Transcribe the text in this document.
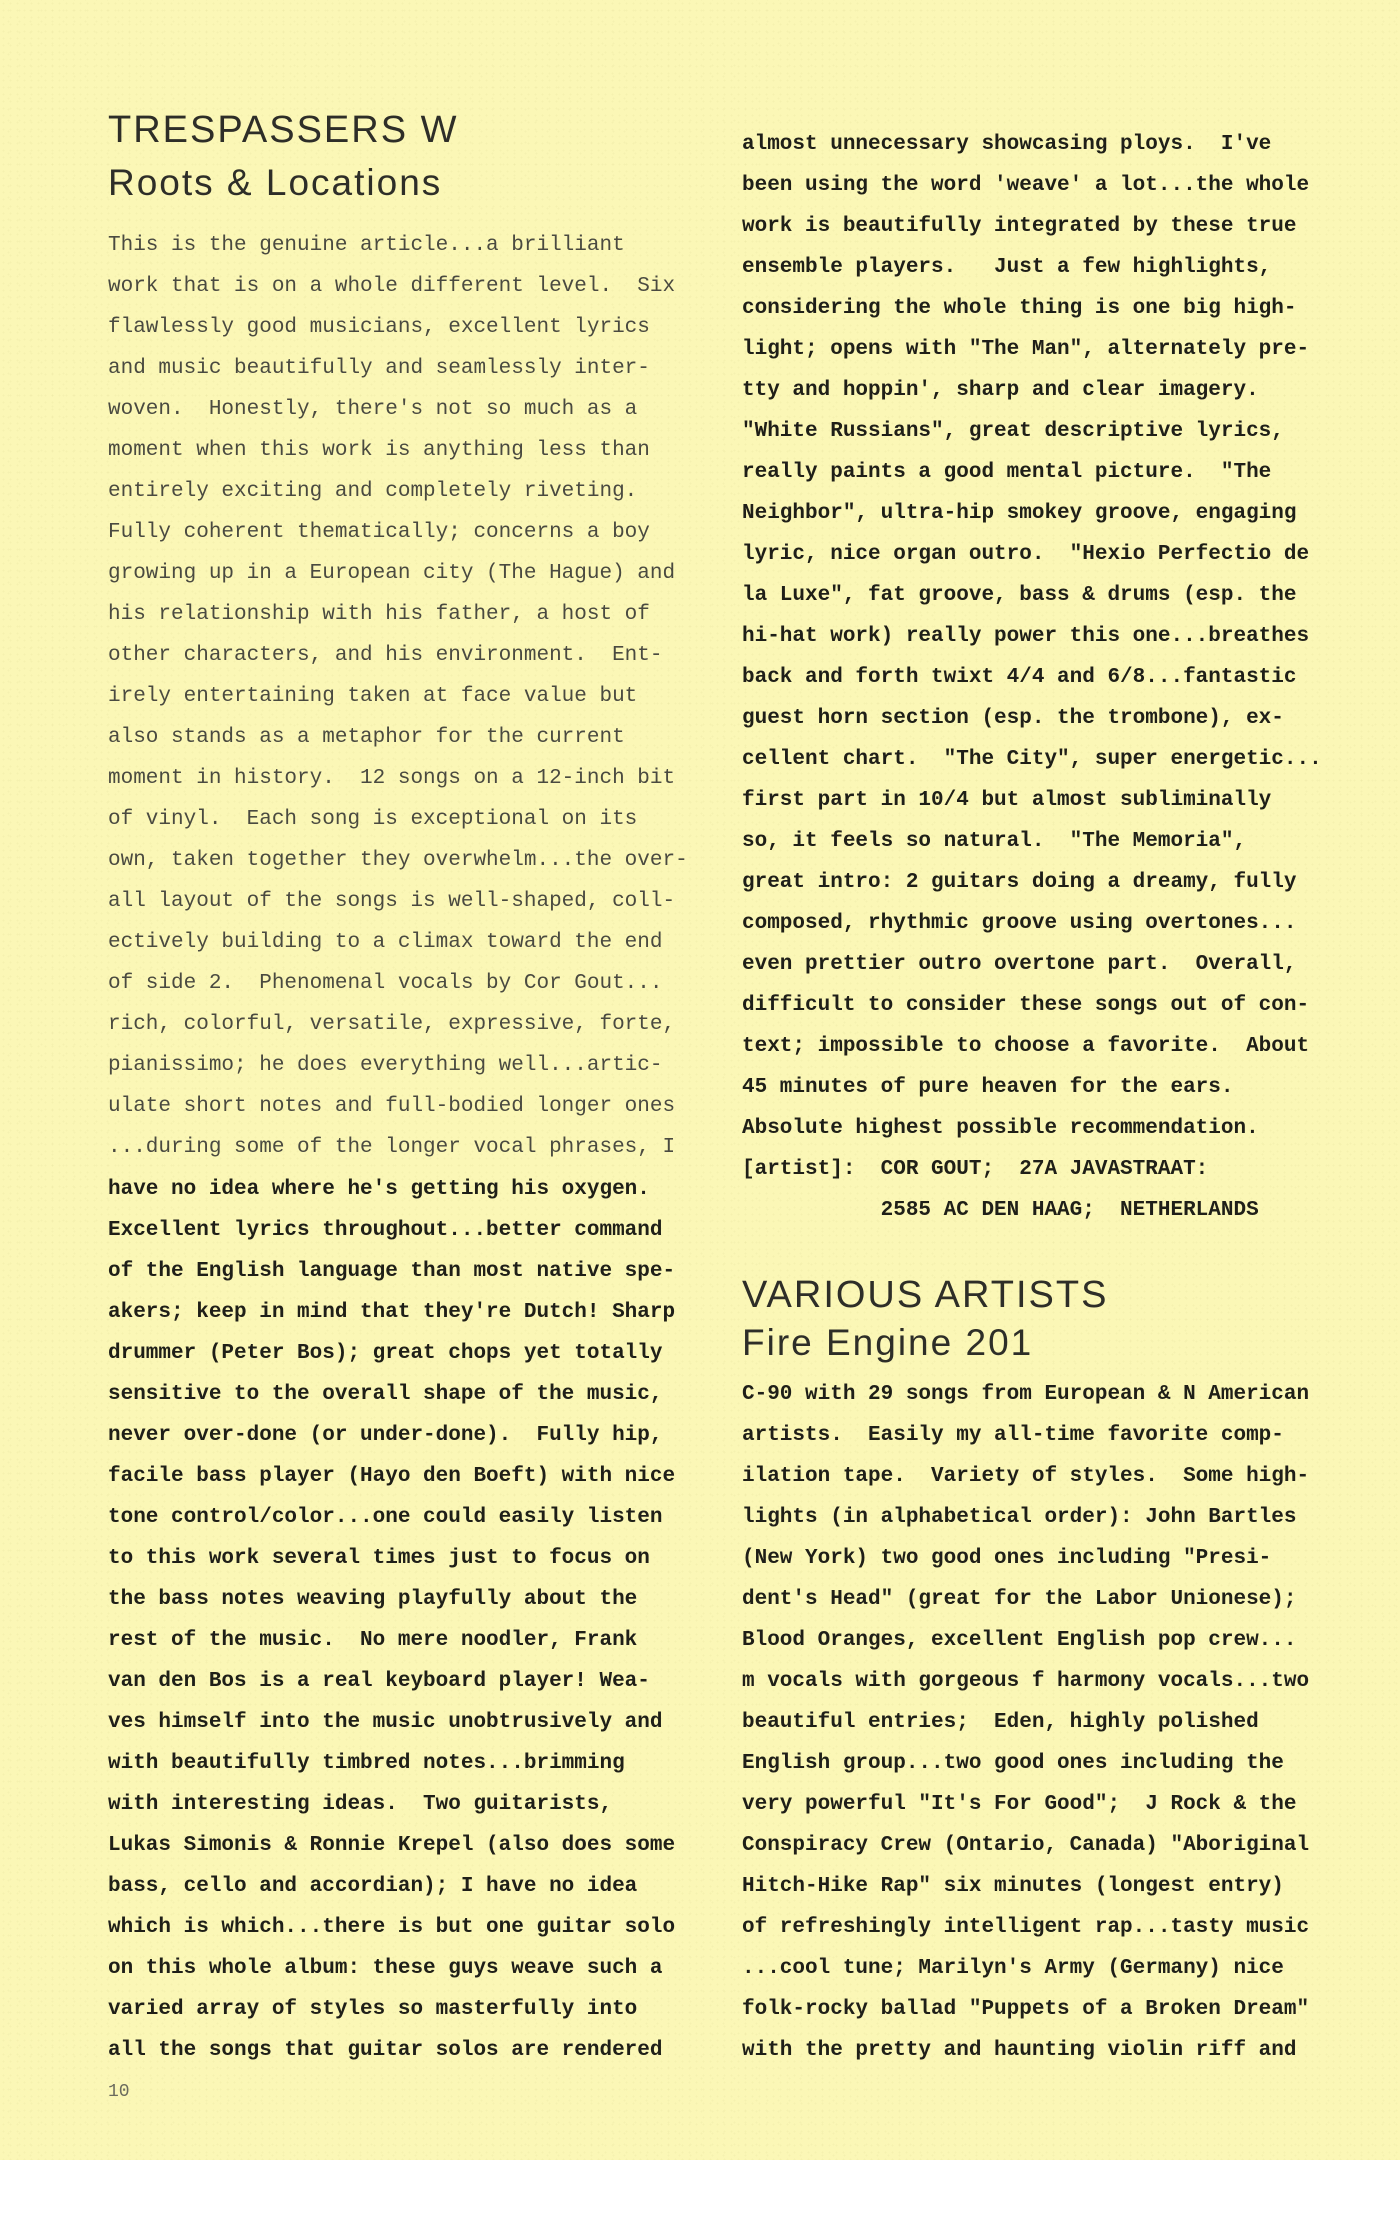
TRESPASSERS W
Roots & Locations
This is the genuine article...a brilliant
work that is on a whole different level.  Six
flawlessly good musicians, excellent lyrics
and music beautifully and seamlessly inter-
woven.  Honestly, there's not so much as a
moment when this work is anything less than
entirely exciting and completely riveting.
Fully coherent thematically; concerns a boy
growing up in a European city (The Hague) and
his relationship with his father, a host of
other characters, and his environment.  Ent-
irely entertaining taken at face value but
also stands as a metaphor for the current
moment in history.  12 songs on a 12-inch bit
of vinyl.  Each song is exceptional on its
own, taken together they overwhelm...the over-
all layout of the songs is well-shaped, coll-
ectively building to a climax toward the end
of side 2.  Phenomenal vocals by Cor Gout...
rich, colorful, versatile, expressive, forte,
pianissimo; he does everything well...artic-
ulate short notes and full-bodied longer ones
...during some of the longer vocal phrases, I
have no idea where he's getting his oxygen.
Excellent lyrics throughout...better command
of the English language than most native spe-
akers; keep in mind that they're Dutch! Sharp
drummer (Peter Bos); great chops yet totally
sensitive to the overall shape of the music,
never over-done (or under-done).  Fully hip,
facile bass player (Hayo den Boeft) with nice
tone control/color...one could easily listen
to this work several times just to focus on
the bass notes weaving playfully about the
rest of the music.  No mere noodler, Frank
van den Bos is a real keyboard player! Wea-
ves himself into the music unobtrusively and
with beautifully timbred notes...brimming
with interesting ideas.  Two guitarists,
Lukas Simonis & Ronnie Krepel (also does some
bass, cello and accordian); I have no idea
which is which...there is but one guitar solo
on this whole album: these guys weave such a
varied array of styles so masterfully into
all the songs that guitar solos are rendered
almost unnecessary showcasing ploys.  I've
been using the word 'weave' a lot...the whole
work is beautifully integrated by these true
ensemble players.   Just a few highlights,
considering the whole thing is one big high-
light; opens with "The Man", alternately pre-
tty and hoppin', sharp and clear imagery.
"White Russians", great descriptive lyrics,
really paints a good mental picture.  "The
Neighbor", ultra-hip smokey groove, engaging
lyric, nice organ outro.  "Hexio Perfectio de
la Luxe", fat groove, bass & drums (esp. the
hi-hat work) really power this one...breathes
back and forth twixt 4/4 and 6/8...fantastic
guest horn section (esp. the trombone), ex-
cellent chart.  "The City", super energetic...
first part in 10/4 but almost subliminally
so, it feels so natural.  "The Memoria",
great intro: 2 guitars doing a dreamy, fully
composed, rhythmic groove using overtones...
even prettier outro overtone part.  Overall,
difficult to consider these songs out of con-
text; impossible to choose a favorite.  About
45 minutes of pure heaven for the ears.
Absolute highest possible recommendation.
[artist]:  COR GOUT;  27A JAVASTRAAT:
2585 AC DEN HAAG;  NETHERLANDS
VARIOUS ARTISTS
Fire Engine 201
C-90 with 29 songs from European & N American
artists.  Easily my all-time favorite comp-
ilation tape.  Variety of styles.  Some high-
lights (in alphabetical order): John Bartles
(New York) two good ones including "Presi-
dent's Head" (great for the Labor Unionese);
Blood Oranges, excellent English pop crew...
m vocals with gorgeous f harmony vocals...two
beautiful entries;  Eden, highly polished
English group...two good ones including the
very powerful "It's For Good";  J Rock & the
Conspiracy Crew (Ontario, Canada) "Aboriginal
Hitch-Hike Rap" six minutes (longest entry)
of refreshingly intelligent rap...tasty music
...cool tune; Marilyn's Army (Germany) nice
folk-rocky ballad "Puppets of a Broken Dream"
with the pretty and haunting violin riff and
10
